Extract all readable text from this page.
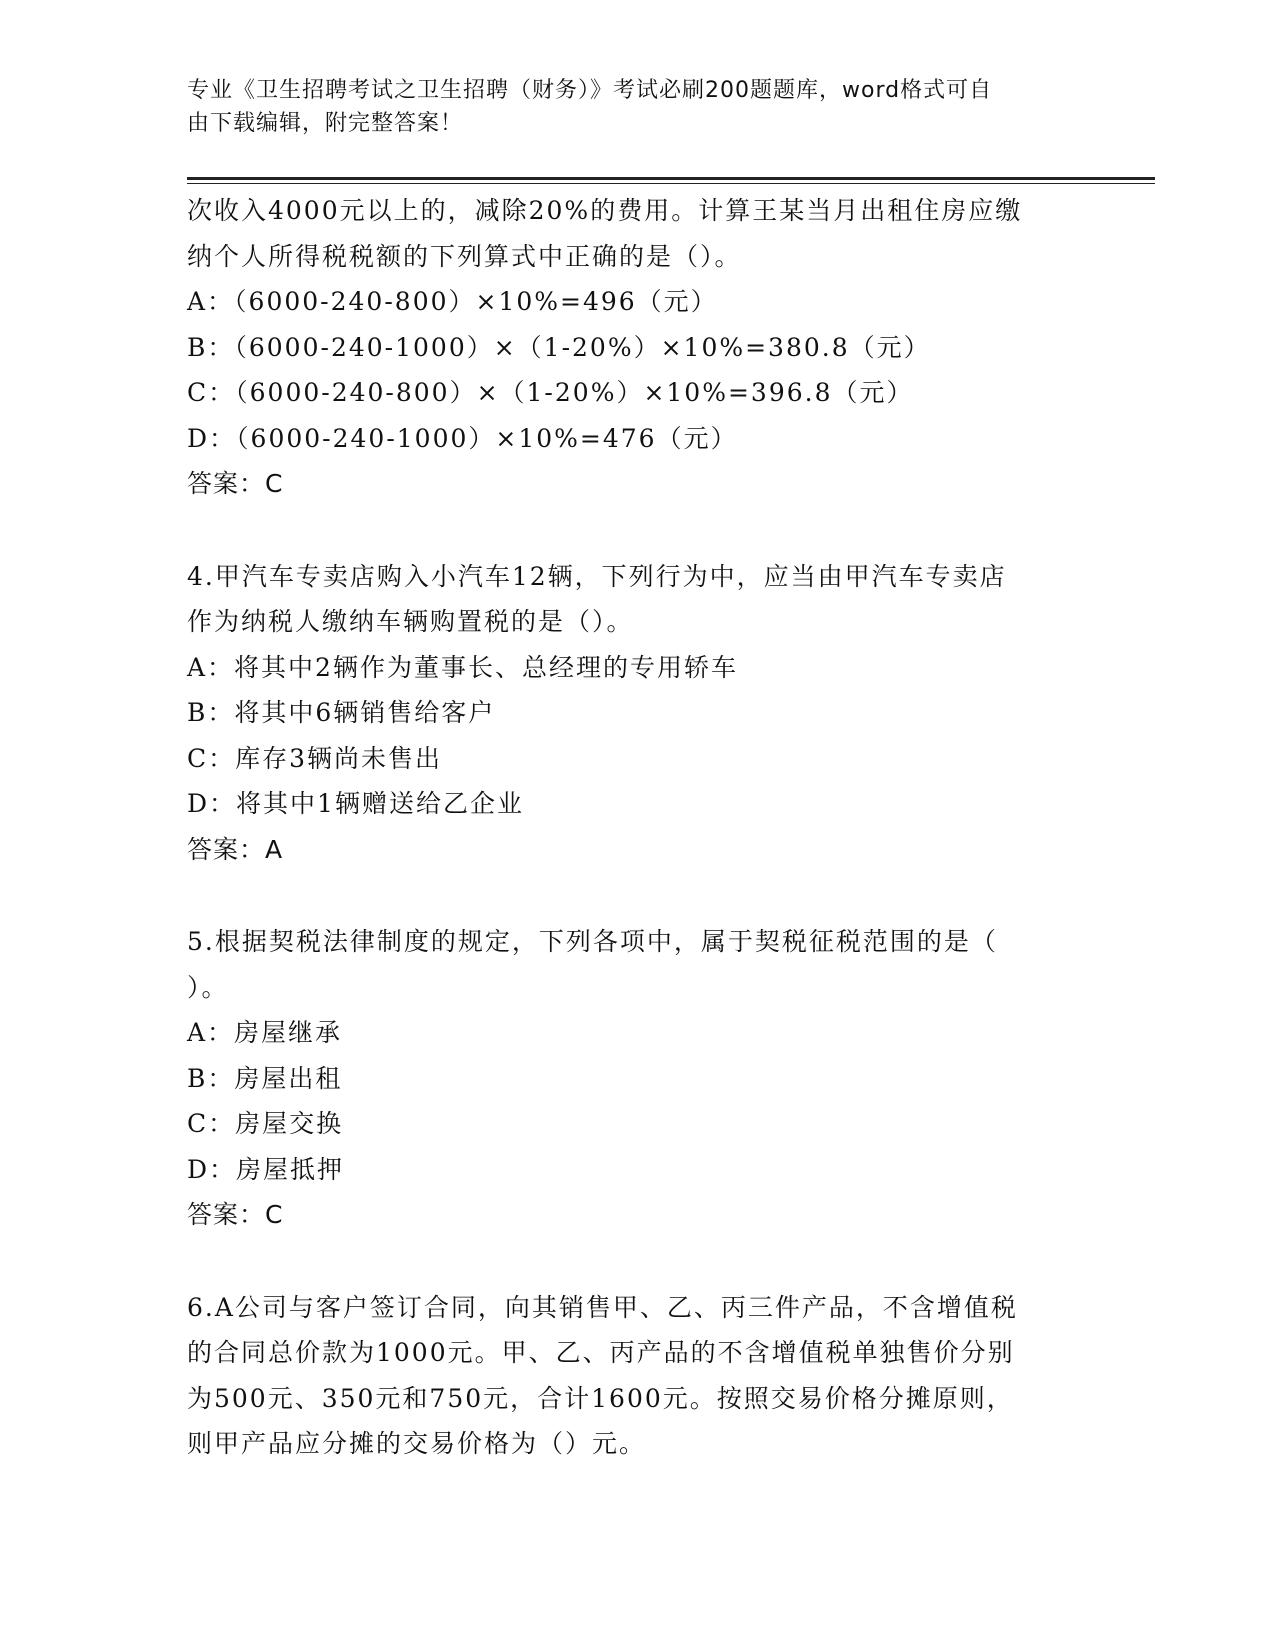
专业《卫生招聘考试之卫生招聘（财务）》考试必刷200题题库，word格式可自
由下载编辑，附完整答案！
次收入4000元以上的，减除20%的费用。计算王某当月出租住房应缴
纳个人所得税税额的下列算式中正确的是（）。
A：（6000-240-800）×10%=496（元）
B：（6000-240-1000）×（1-20%）×10%=380.8（元）
C：（6000-240-800）×（1-20%）×10%=396.8（元）
D：（6000-240-1000）×10%=476（元）
答案：C
4.甲汽车专卖店购入小汽车12辆，下列行为中，应当由甲汽车专卖店
作为纳税人缴纳车辆购置税的是（）。
A：将其中2辆作为董事长、总经理的专用轿车
B：将其中6辆销售给客户
C：库存3辆尚未售出
D：将其中1辆赠送给乙企业
答案：A
5.根据契税法律制度的规定，下列各项中，属于契税征税范围的是（
）。
A：房屋继承
B：房屋出租
C：房屋交换
D：房屋抵押
答案：C
6.A公司与客户签订合同，向其销售甲、乙、丙三件产品，不含增值税
的合同总价款为1000元。甲、乙、丙产品的不含增值税单独售价分别
为500元、350元和750元，合计1600元。按照交易价格分摊原则，
则甲产品应分摊的交易价格为（）元。
